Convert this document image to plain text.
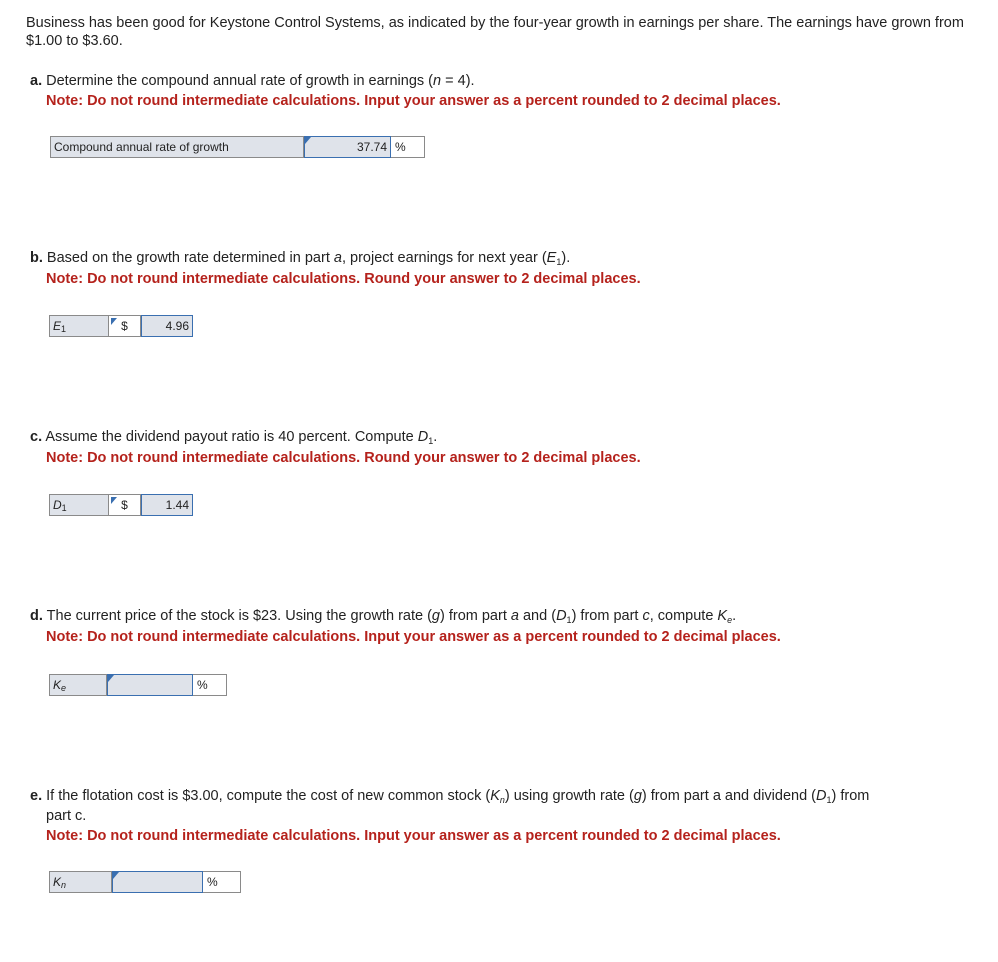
Business has been good for Keystone Control Systems, as indicated by the four-year growth in earnings per share. The earnings have grown from $1.00 to $3.60.

a. Determine the compound annual rate of growth in earnings (n = 4).

Note: Do not round intermediate calculations. Input your answer as a percent rounded to 2 decimal places.

Compound annual rate of growth	37.74 %

b. Based on the growth rate determined in part a, project earnings for next year $(E_1)$.

Note: Do not round intermediate calculations. Round your answer to 2 decimal places.

E 1	$	4.96

c. Assume the dividend payout ratio is 40 percent. Compute $D_1$.

Note: Do not round intermediate calculations. Round your answer to 2 decimal places.

D 1	$	1.44

d. The current price of the stock is $23. Using the growth rate (g) from part a and $(D_1)$ from part c, compute $K_e$.

Note: Do not round intermediate calculations. Input your answer as a percent rounded to 2 decimal places.

K e	%

e. If the flotation cost is $3.00, compute the cost of new common stock $(K_n)$ using growth rate (g) from part a and dividend $(D_1)$ from

part c.

Note: Do not round intermediate calculations. Input your answer as a percent rounded to 2 decimal places.

K n	%
